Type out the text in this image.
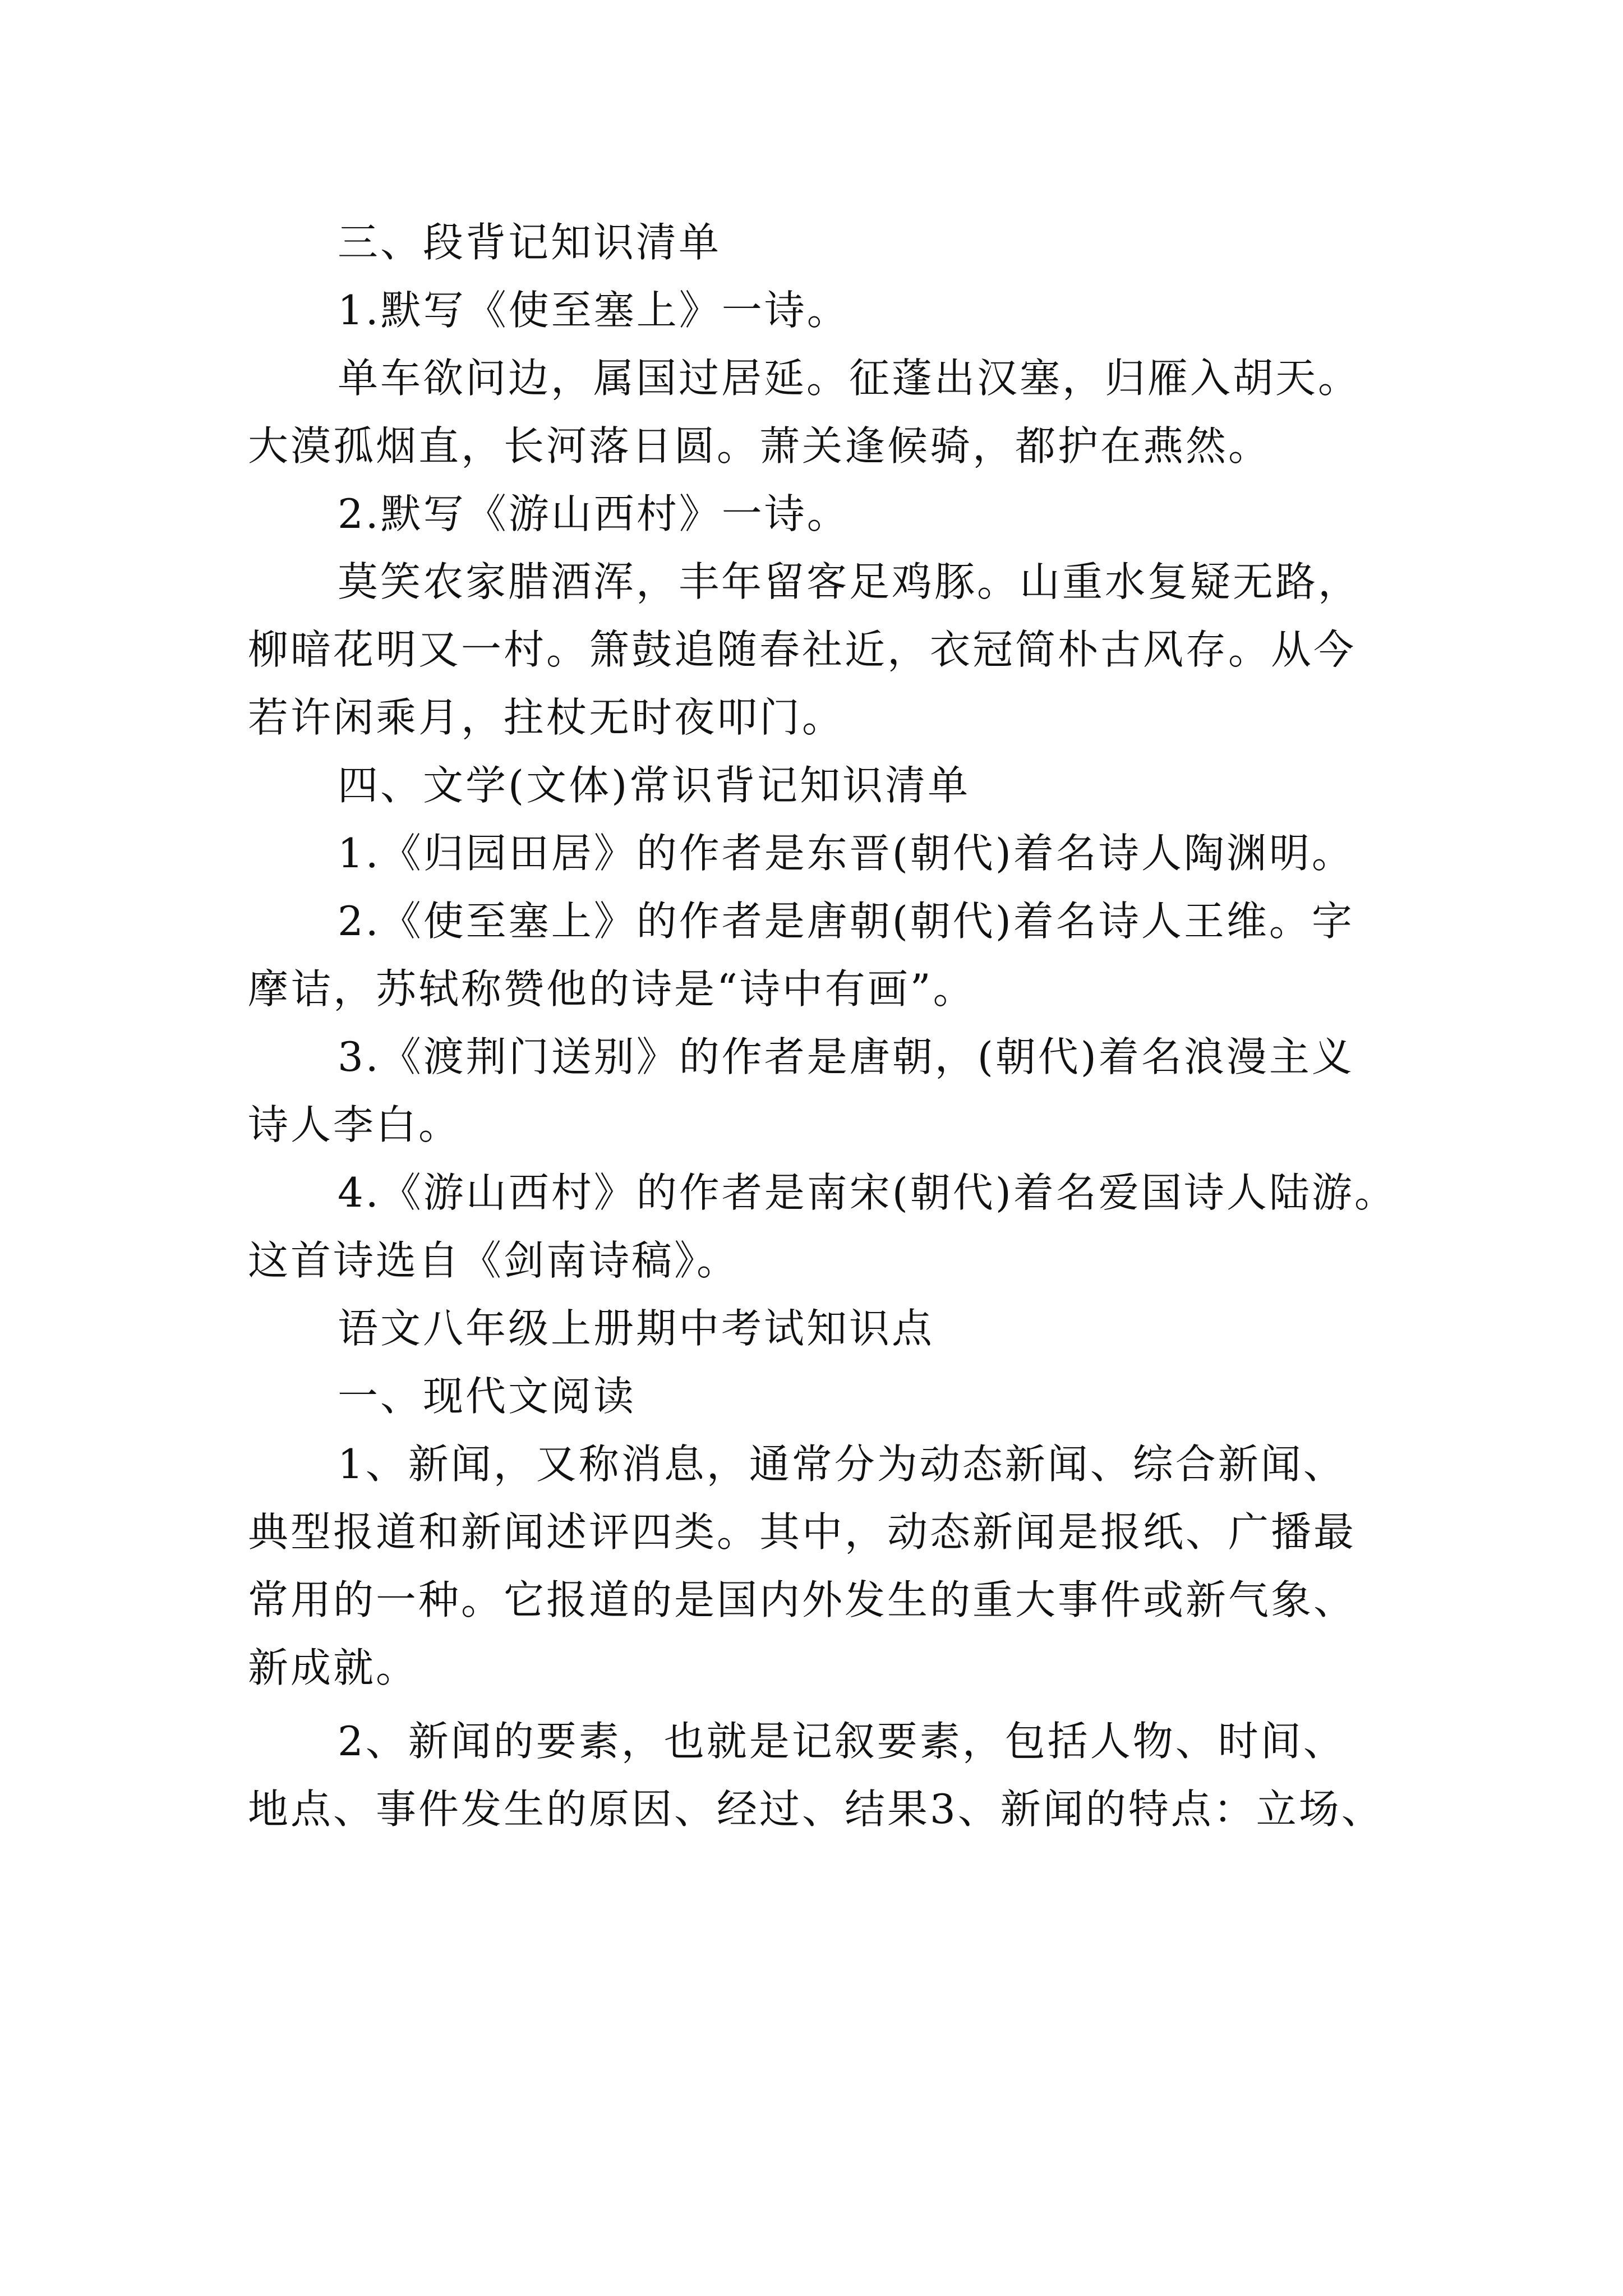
三、段背记知识清单
1.默写《使至塞上》一诗。
单车欲问边，属国过居延。征蓬出汉塞，归雁入胡天。
大漠孤烟直，长河落日圆。萧关逢候骑，都护在燕然。
2.默写《游山西村》一诗。
莫笑农家腊酒浑，丰年留客足鸡豚。山重水复疑无路，
柳暗花明又一村。箫鼓追随春社近，衣冠简朴古风存。从今
若许闲乘月，拄杖无时夜叩门。
四、文学(文体)常识背记知识清单
1.《归园田居》的作者是东晋(朝代)着名诗人陶渊明。
2.《使至塞上》的作者是唐朝(朝代)着名诗人王维。字
摩诘，苏轼称赞他的诗是“诗中有画”。
3.《渡荆门送别》的作者是唐朝，(朝代)着名浪漫主义
诗人李白。
4.《游山西村》的作者是南宋(朝代)着名爱国诗人陆游。
这首诗选自《剑南诗稿》。
语文八年级上册期中考试知识点
一、现代文阅读
1、新闻，又称消息，通常分为动态新闻、综合新闻、
典型报道和新闻述评四类。其中，动态新闻是报纸、广播最
常用的一种。它报道的是国内外发生的重大事件或新气象、
新成就。
2、新闻的要素，也就是记叙要素，包括人物、时间、
地点、事件发生的原因、经过、结果3、新闻的特点：立场、
